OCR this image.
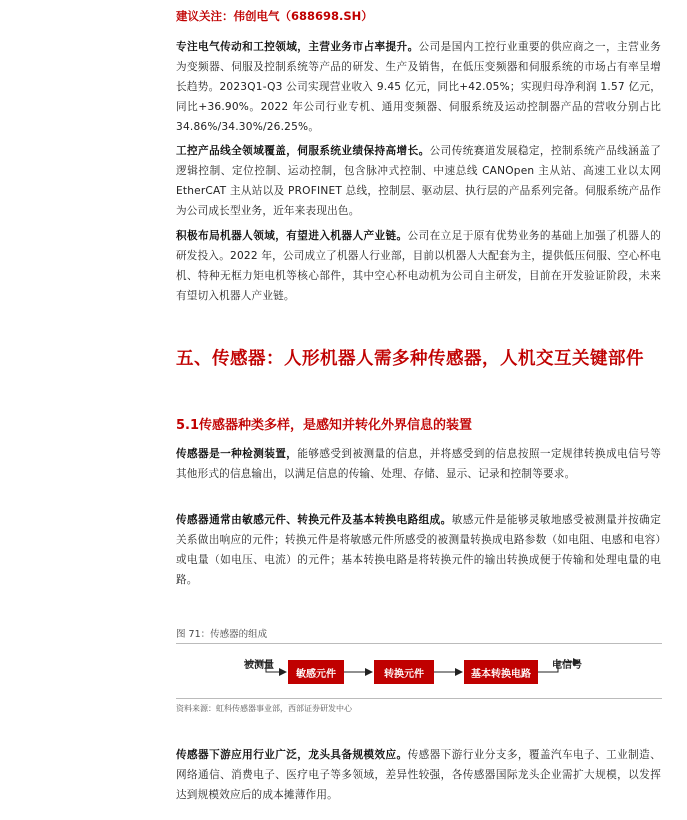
建议关注：伟创电气（688698.SH）
专注电气传动和工控领域，主营业务市占率提升。公司是国内工控行业重要的供应商之一，主营业务为变频器、伺服及控制系统等产品的研发、生产及销售，在低压变频器和伺服系统的市场占有率呈增长趋势。2023Q1-Q3 公司实现营业收入 9.45 亿元，同比+42.05%；实现归母净利润 1.57 亿元，同比+36.90%。2022 年公司行业专机、通用变频器、伺服系统及运动控制器产品的营收分别占比 34.86%/34.30%/26.25%。
工控产品线全领域覆盖，伺服系统业绩保持高增长。公司传统赛道发展稳定，控制系统产品线涵盖了逻辑控制、定位控制、运动控制，包含脉冲式控制、中速总线 CANOpen 主从站、高速工业以太网 EtherCAT 主从站以及 PROFINET 总线，控制层、驱动层、执行层的产品系列完备。伺服系统产品作为公司成长型业务，近年来表现出色。
积极布局机器人领域，有望进入机器人产业链。公司在立足于原有优势业务的基础上加强了机器人的研发投入。2022 年，公司成立了机器人行业部，目前以机器人大配套为主，提供低压伺服、空心杯电机、特种无框力矩电机等核心部件，其中空心杯电动机为公司自主研发，目前在开发验证阶段，未来有望切入机器人产业链。
五、传感器：人形机器人需多种传感器，人机交互关键部件
5.1传感器种类多样，是感知并转化外界信息的装置
传感器是一种检测装置，能够感受到被测量的信息，并将感受到的信息按照一定规律转换成电信号等其他形式的信息输出，以满足信息的传输、处理、存储、显示、记录和控制等要求。
传感器通常由敏感元件、转换元件及基本转换电路组成。敏感元件是能够灵敏地感受被测量并按确定关系做出响应的元件；转换元件是将敏感元件所感受的被测量转换成电路参数（如电阻、电感和电容）或电量（如电压、电流）的元件；基本转换电路是将转换元件的输出转换成便于传输和处理电量的电路。
图 71：传感器的组成
被测量
敏感元件	转换元件	基本转换电路
电信号
资料来源：虹科传感器事业部，西部证券研发中心
传感器下游应用行业广泛，龙头具备规模效应。传感器下游行业分支多，覆盖汽车电子、工业制造、网络通信、消费电子、医疗电子等多领域，差异性较强，各传感器国际龙头企业需扩大规模，以发挥达到规模效应后的成本摊薄作用。
